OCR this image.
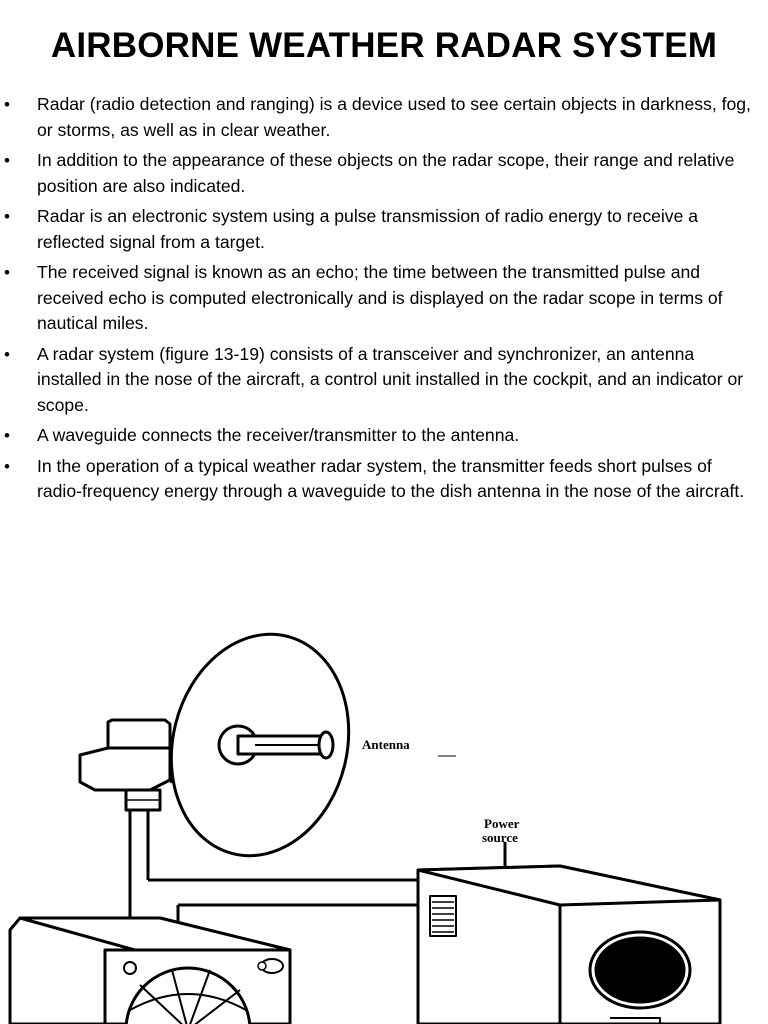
AIRBORNE WEATHER RADAR SYSTEM
• Radar (radio detection and ranging) is a device used to see certain objects in darkness, fog, or storms, as well as in clear weather.
• In addition to the appearance of these objects on the radar scope, their range and relative position are also indicated.
• Radar is an electronic system using a pulse transmission of radio energy to receive a reflected signal from a target.
• The received signal is known as an echo; the time between the transmitted pulse and received echo is computed electronically and is displayed on the radar scope in terms of nautical miles.
• A radar system (figure 13-19) consists of a transceiver and synchronizer, an antenna installed in the nose of the aircraft, a control unit installed in the cockpit, and an indicator or scope.
• A waveguide connects the receiver/transmitter to the antenna.
• In the operation of a typical weather radar system, the transmitter feeds short pulses of radio-frequency energy through a waveguide to the dish antenna in the nose of the aircraft.
Antenna
Power
source
